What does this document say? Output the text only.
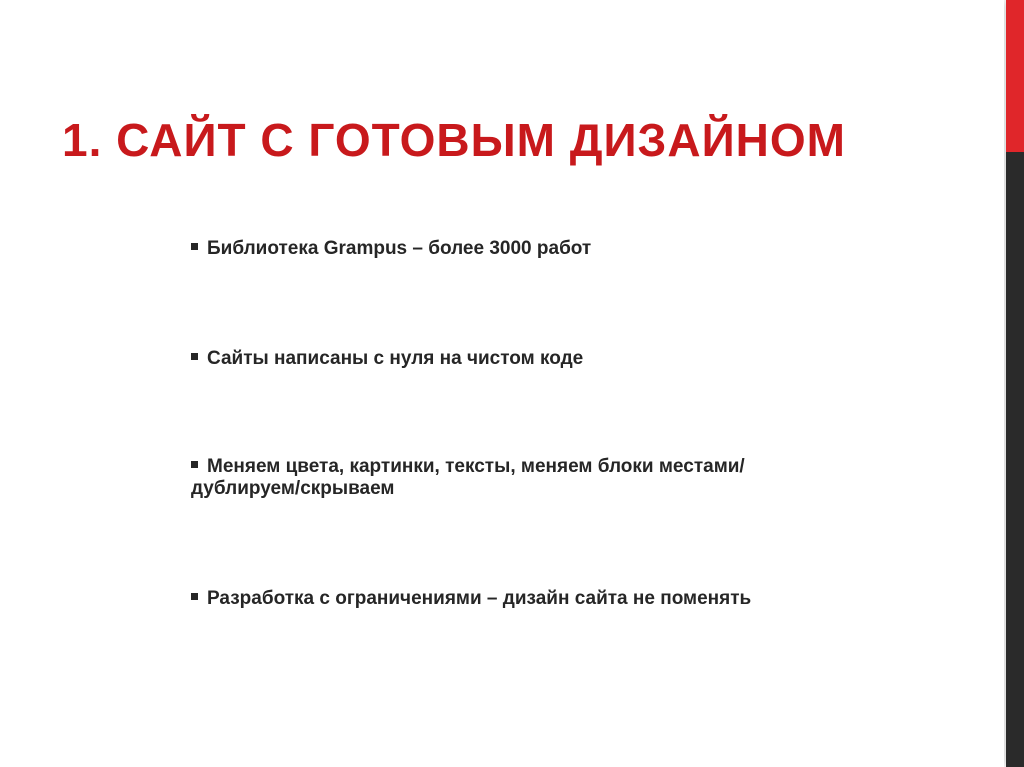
1. САЙТ С ГОТОВЫМ ДИЗАЙНОМ
Библиотека Grampus – более 3000 работ
Сайты написаны с нуля на чистом коде
Меняем цвета, картинки, тексты, меняем блоки местами/дублируем/скрываем
Разработка с ограничениями – дизайн сайта не поменять
